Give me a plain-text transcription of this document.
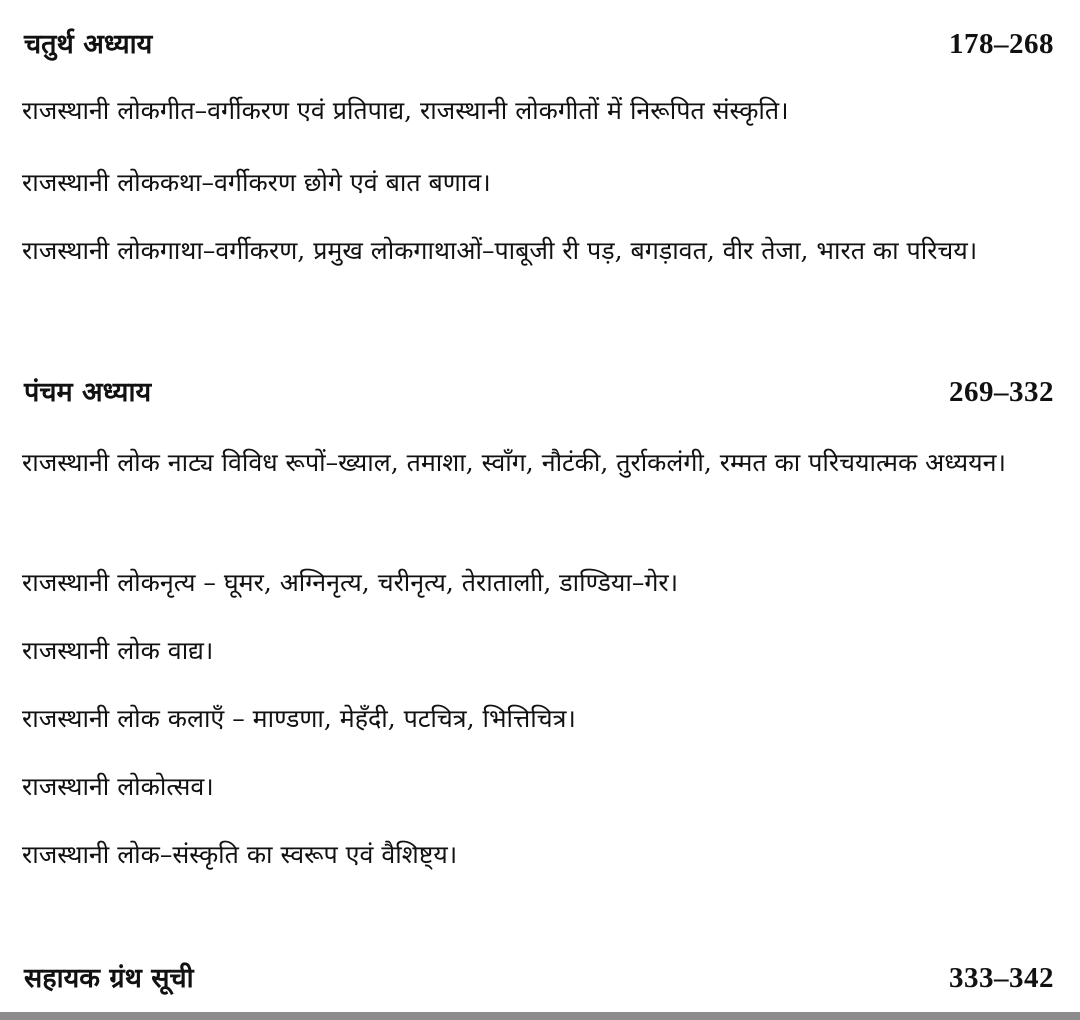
चतुर्थ अध्याय	178–268
राजस्थानी लोकगीत–वर्गीकरण एवं प्रतिपाद्य, राजस्थानी लोकगीतों में निरूपित संस्कृति।
राजस्थानी लोककथा–वर्गीकरण छोगे एवं बात बणाव।
राजस्थानी लोकगाथा–वर्गीकरण, प्रमुख लोकगाथाओं–पाबूजी री पड़, बगड़ावत, वीर तेजा, भारत का परिचय।
पंचम अध्याय	269–332
राजस्थानी लोक नाट्य विविध रूपों–ख्याल, तमाशा, स्वाँग, नौटंकी, तुर्राकलंगी, रम्मत का परिचयात्मक अध्ययन।
राजस्थानी लोकनृत्य – घूमर, अग्निनृत्य, चरीनृत्य, तेरातालाी, डाण्डिया–गेर।
राजस्थानी लोक वाद्य।
राजस्थानी लोक कलाएँ – माण्डणा, मेहँदी, पटचित्र, भित्तिचित्र।
राजस्थानी लोकोत्सव।
राजस्थानी लोक–संस्कृति का स्वरूप एवं वैशिष्ट्य।
सहायक ग्रंथ सूची	333–342
